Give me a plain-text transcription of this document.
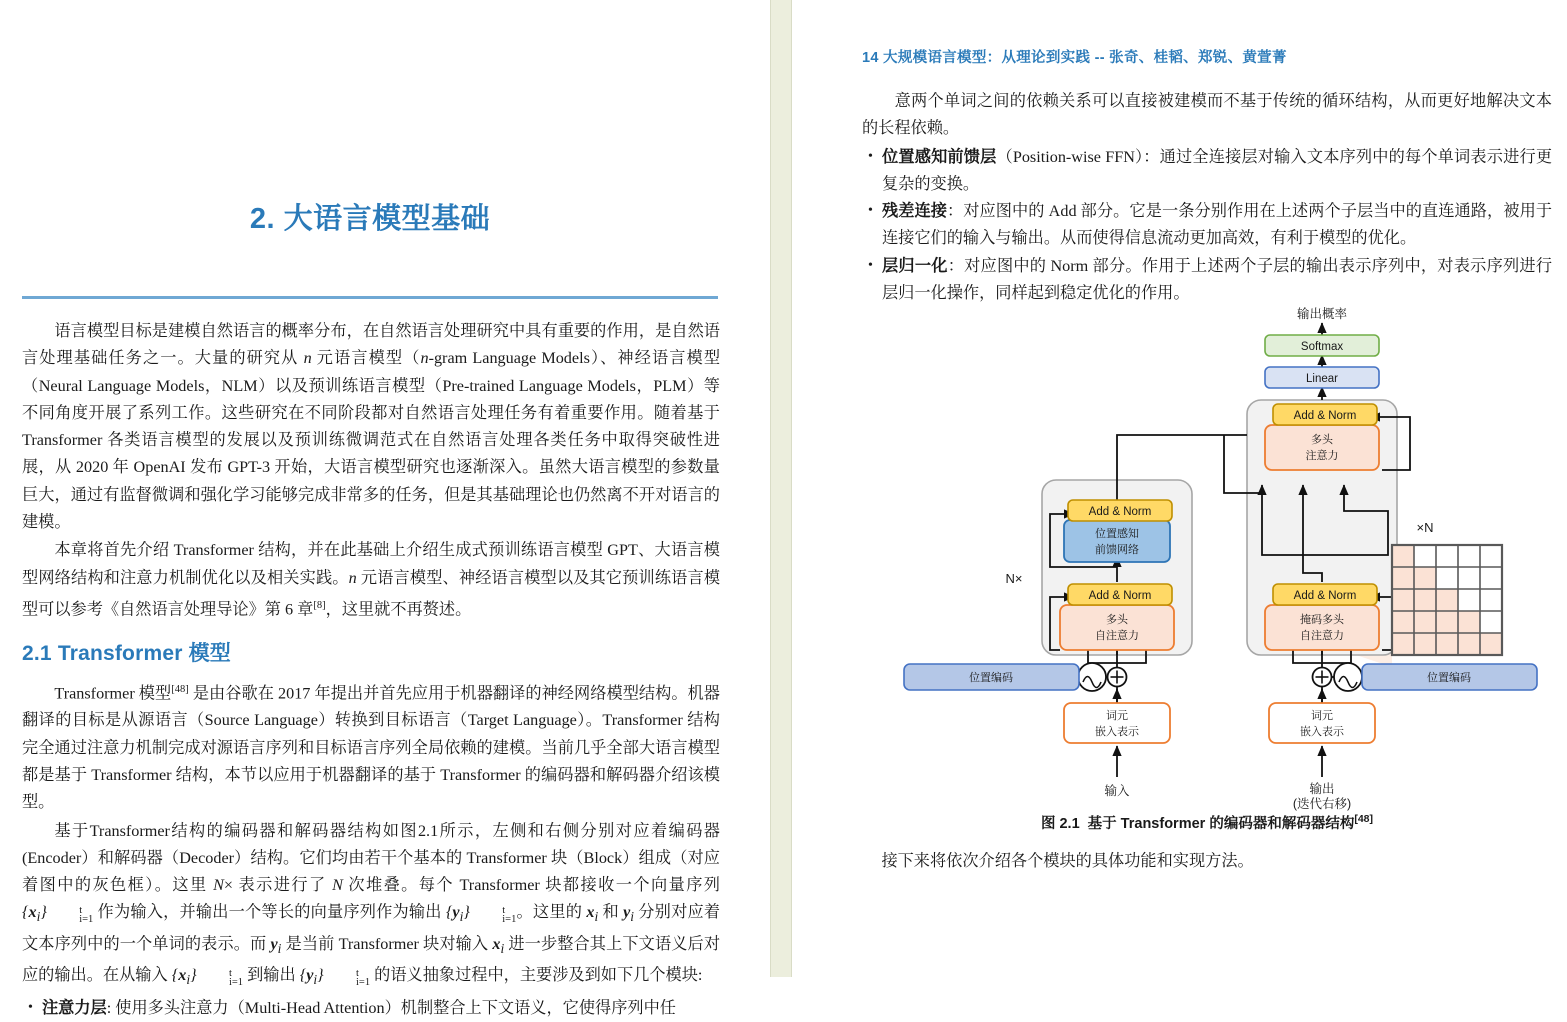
2. 大语言模型基础

语言模型目标是建模自然语言的概率分布，在自然语言处理研究中具有重要的作用，是自然语言处理基础任务之一。大量的研究从 n 元语言模型（n-gram Language Models）、神经语言模型（Neural Language Models，NLM）以及预训练语言模型（Pre-trained Language Models，PLM）等不同角度开展了系列工作。这些研究在不同阶段都对自然语言处理任务有着重要作用。随着基于 Transformer 各类语言模型的发展以及预训练微调范式在自然语言处理各类任务中取得突破性进展，从 2020 年 OpenAI 发布 GPT-3 开始，大语言模型研究也逐渐深入。虽然大语言模型的参数量巨大，通过有监督微调和强化学习能够完成非常多的任务，但是其基础理论也仍然离不开对语言的建模。

本章将首先介绍 Transformer 结构，并在此基础上介绍生成式预训练语言模型 GPT、大语言模型网络结构和注意力机制优化以及相关实践。n 元语言模型、神经语言模型以及其它预训练语言模型可以参考《自然语言处理导论》第 6 章[8]，这里就不再赘述。

2.1 Transformer 模型

Transformer 模型[48] 是由谷歌在 2017 年提出并首先应用于机器翻译的神经网络模型结构。机器翻译的目标是从源语言（Source Language）转换到目标语言（Target Language）。Transformer 结构完全通过注意力机制完成对源语言序列和目标语言序列全局依赖的建模。当前几乎全部大语言模型都是基于 Transformer 结构，本节以应用于机器翻译的基于 Transformer 的编码器和解码器介绍该模型。

基于Transformer结构的编码器和解码器结构如图2.1所示，左侧和右侧分别对应着编码器(Encoder）和解码器（Decoder）结构。它们均由若干个基本的 Transformer 块（Block）组成（对应着图中的灰色框）。这里 N× 表示进行了 N 次堆叠。每个 Transformer 块都接收一个向量序列 $\{x_i\}$	t
i=1 作为输入，并输出一个等长的向量序列作为输出 $\{y_i\}$	t
i=1 。这里的 $x_i$ 和 $y_i$ 分别对应着文本序列中的一个单词的表示。而 $y_i$ 是当前 Transformer 块对输入 $x_i$ 进一步整合其上下文语义后对应的输出。在从输入 $\{x_i\}$	t
i=1 到输出 $\{y_i\}$	t
i=1 的语义抽象过程中，主要涉及到如下几个模块:

• 注意力层: 使用多头注意力（Multi-Head Attention）机制整合上下文语义，它使得序列中任
14 大规模语言模型：从理论到实践 -- 张奇、桂韬、郑锐、黄萱菁

意两个单词之间的依赖关系可以直接被建模而不基于传统的循环结构，从而更好地解决文本的长程依赖。

• 位置感知前馈层（Position-wise FFN）：通过全连接层对输入文本序列中的每个单词表示进行更复杂的变换。
• 残差连接：对应图中的 Add 部分。它是一条分别作用在上述两个子层当中的直连通路，被用于连接它们的输入与输出。从而使得信息流动更加高效，有利于模型的优化。
• 层归一化：对应图中的 Norm 部分。作用于上述两个子层的输出表示序列中，对表示序列进行层归一化操作，同样起到稳定优化的作用。
N×
×N
多头
自注意力
Add & Norm
位置感知
前馈网络
Add & Norm
掩码多头
自注意力
Add & Norm
多头
注意力
Add & Norm
Linear
Softmax
输出概率
位置编码	位置编码
词元
嵌入表示
词元
嵌入表示
输入	输出
(迭代右移)
图 2.1 基于 Transformer 的编码器和解码器结构[48]

接下来将依次介绍各个模块的具体功能和实现方法。
